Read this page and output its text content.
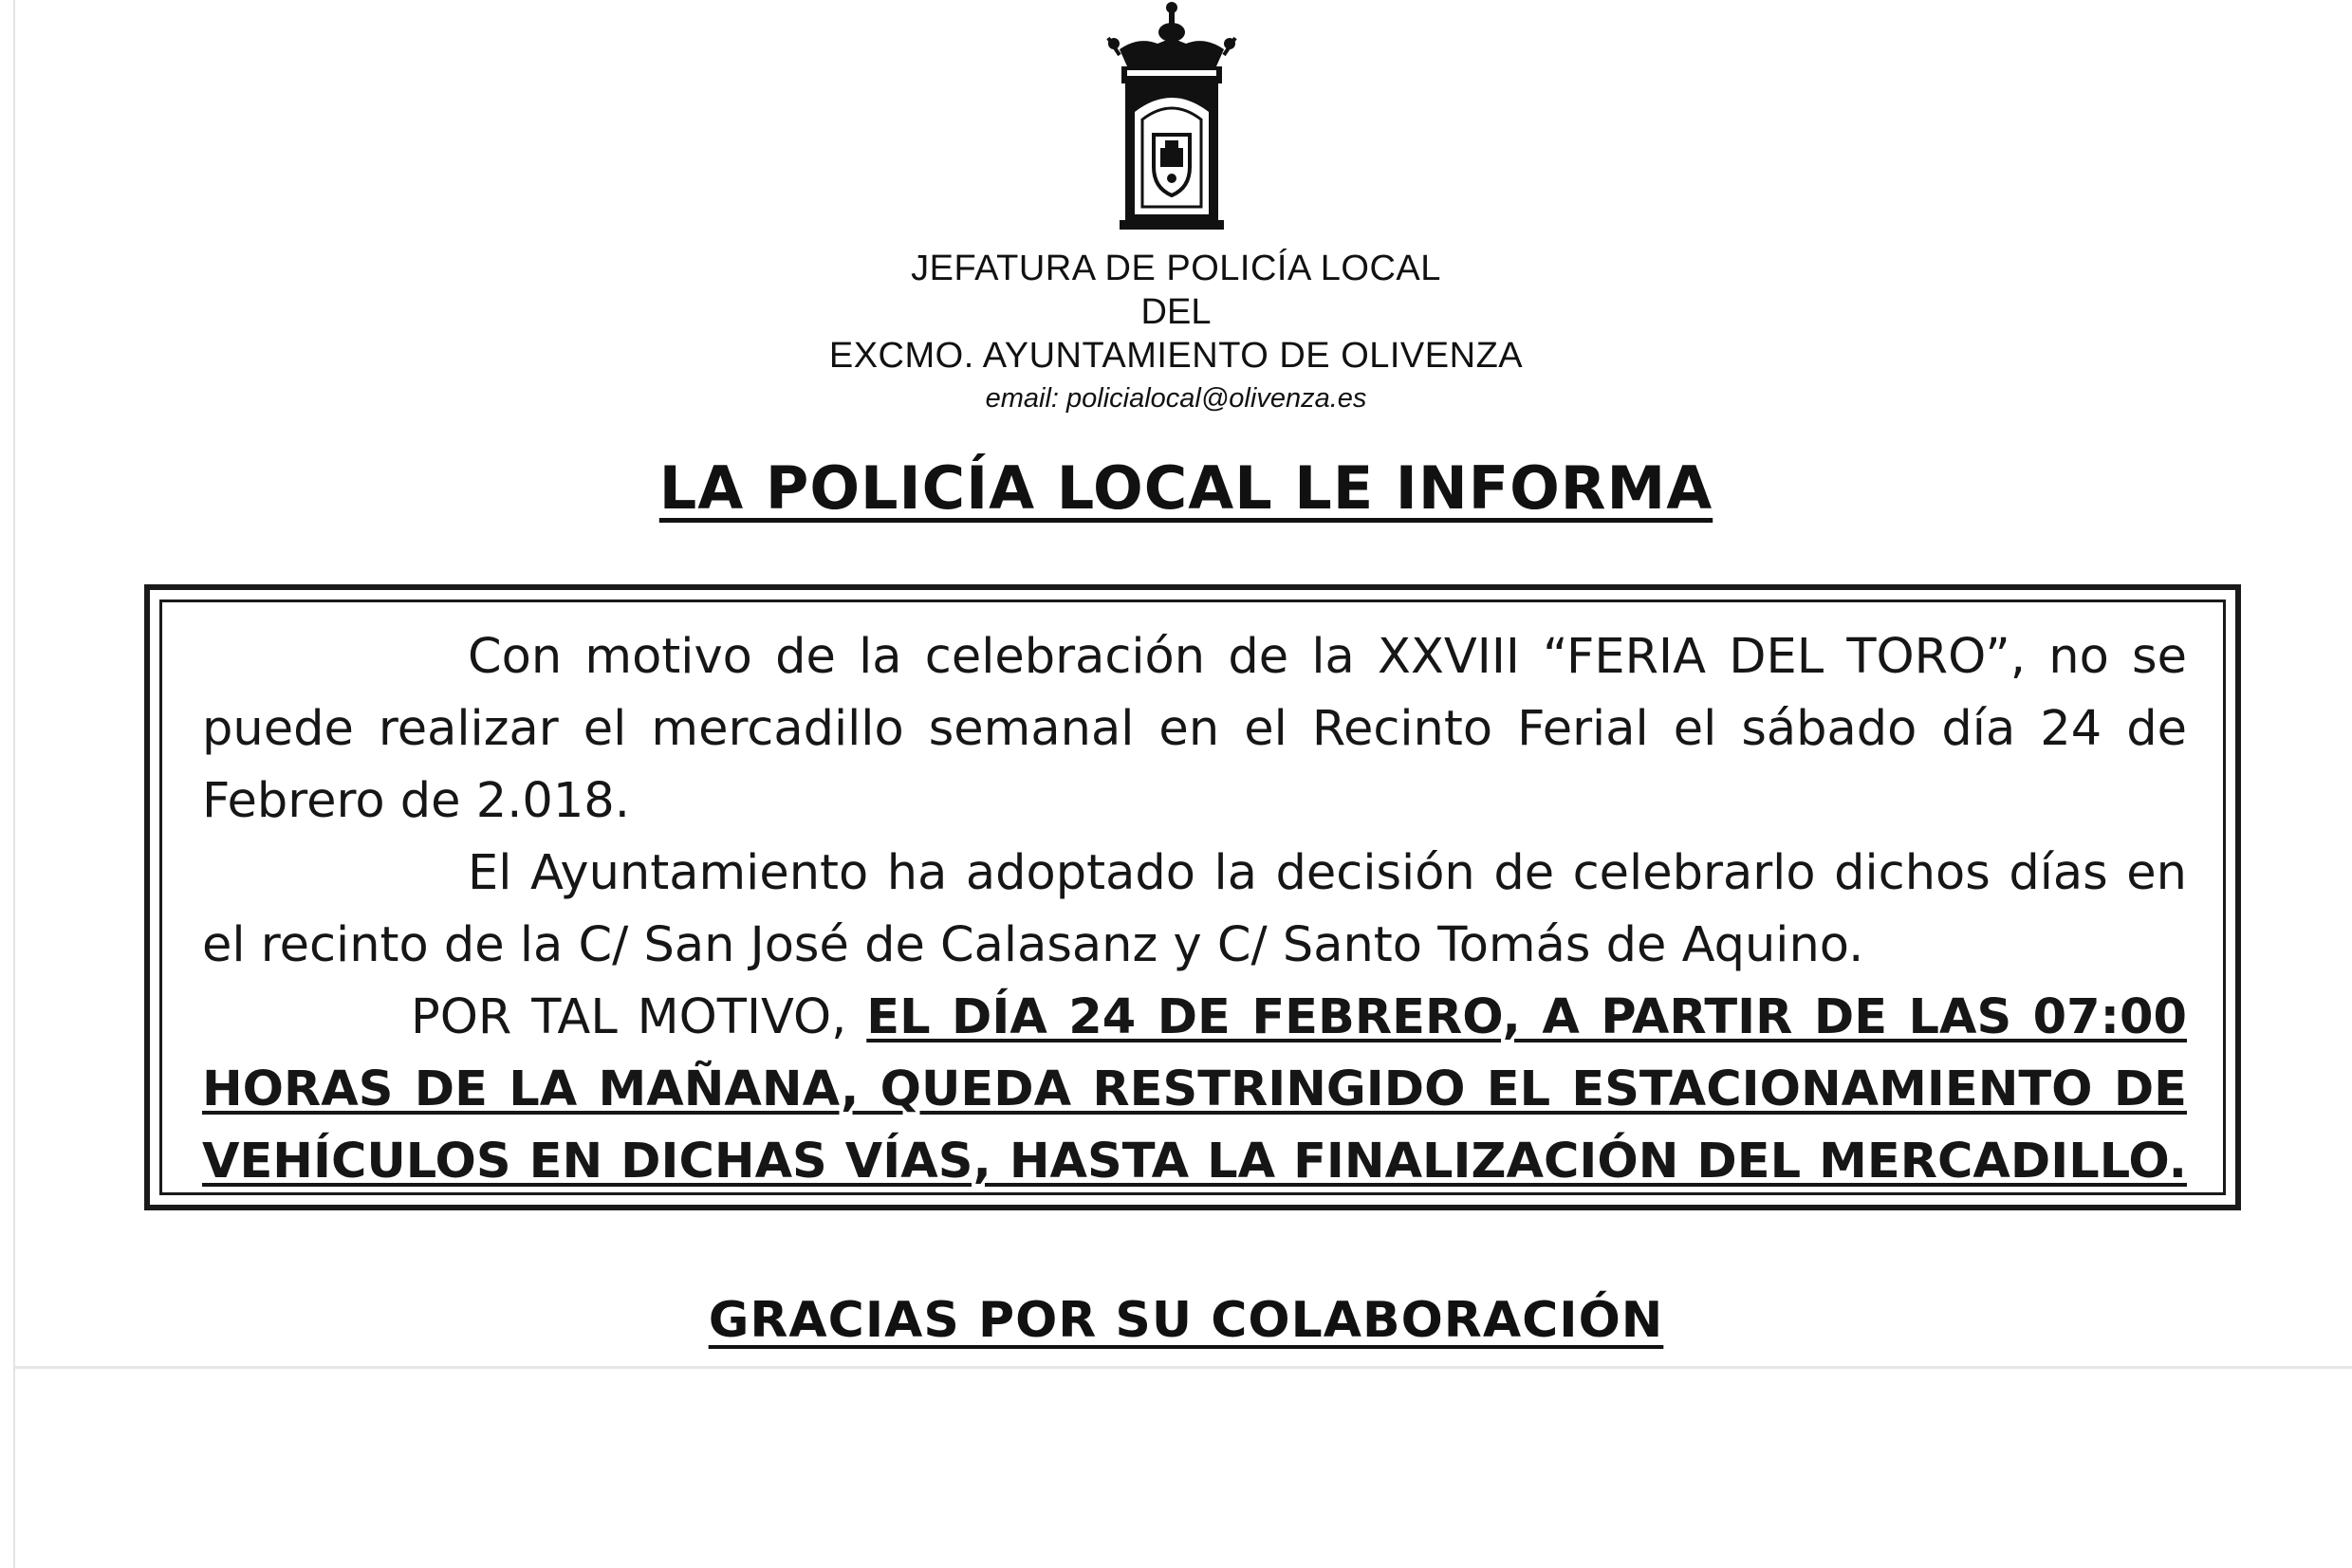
JEFATURA DE POLICÍA LOCAL
DEL
EXCMO. AYUNTAMIENTO DE OLIVENZA
email: policialocal@olivenza.es
LA POLICÍA LOCAL LE INFORMA

Con motivo de la celebración de la XXVIII “FERIA DEL TORO”, no se puede realizar el mercadillo semanal en el Recinto Ferial el sábado día 24 de Febrero de 2.018.

El Ayuntamiento ha adoptado la decisión de celebrarlo dichos días en el recinto de la C/ San José de Calasanz y C/ Santo Tomás de Aquino.

POR TAL MOTIVO, EL DÍA 24 DE FEBRERO, A PARTIR DE LAS 07:00 HORAS DE LA MAÑANA, QUEDA RESTRINGIDO EL ESTACIONAMIENTO DE VEHÍCULOS EN DICHAS VÍAS, HASTA LA FINALIZACIÓN DEL MERCADILLO.

GRACIAS POR SU COLABORACIÓN
